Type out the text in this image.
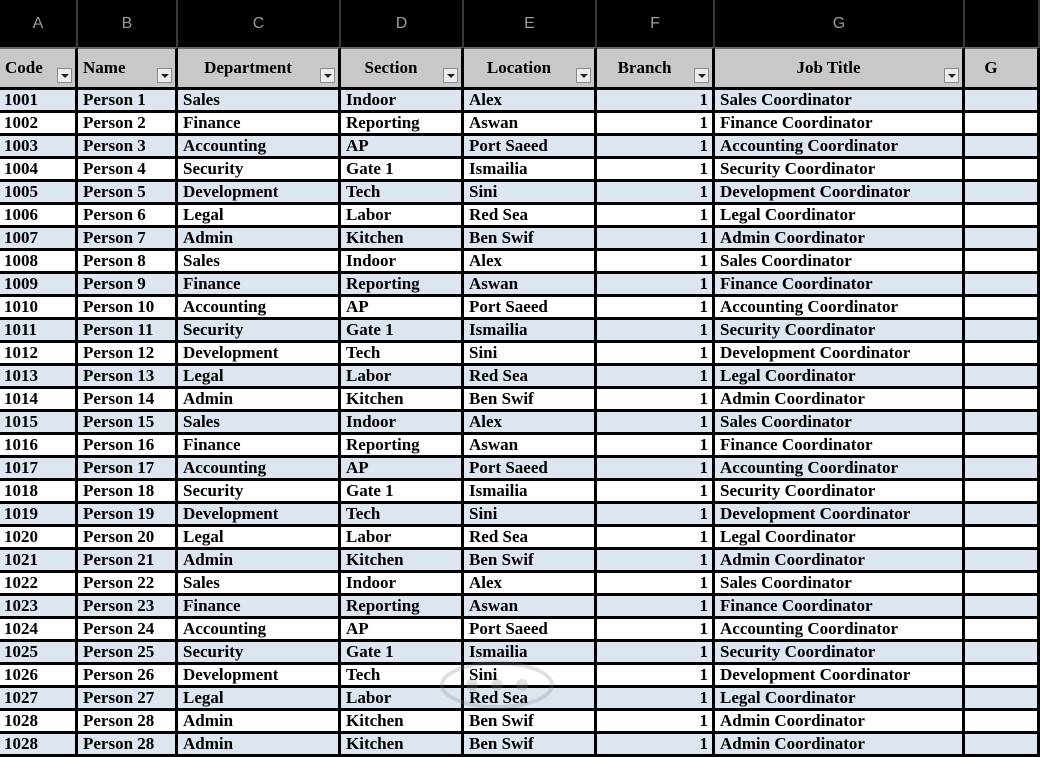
A	B	C	D	E	F	G	

Code	Name	Department	Section	Location	Branch	Job Title	G

1001	Person 1	Sales	Indoor	Alex	1	Sales Coordinator	
1002	Person 2	Finance	Reporting	Aswan	1	Finance Coordinator	
1003	Person 3	Accounting	AP	Port Saeed	1	Accounting Coordinator	
1004	Person 4	Security	Gate 1	Ismailia	1	Security Coordinator	
1005	Person 5	Development	Tech	Sini	1	Development Coordinator	
1006	Person 6	Legal	Labor	Red Sea	1	Legal Coordinator	
1007	Person 7	Admin	Kitchen	Ben Swif	1	Admin Coordinator	
1008	Person 8	Sales	Indoor	Alex	1	Sales Coordinator	
1009	Person 9	Finance	Reporting	Aswan	1	Finance Coordinator	
1010	Person 10	Accounting	AP	Port Saeed	1	Accounting Coordinator	
1011	Person 11	Security	Gate 1	Ismailia	1	Security Coordinator	
1012	Person 12	Development	Tech	Sini	1	Development Coordinator	
1013	Person 13	Legal	Labor	Red Sea	1	Legal Coordinator	
1014	Person 14	Admin	Kitchen	Ben Swif	1	Admin Coordinator	
1015	Person 15	Sales	Indoor	Alex	1	Sales Coordinator	
1016	Person 16	Finance	Reporting	Aswan	1	Finance Coordinator	
1017	Person 17	Accounting	AP	Port Saeed	1	Accounting Coordinator	
1018	Person 18	Security	Gate 1	Ismailia	1	Security Coordinator	
1019	Person 19	Development	Tech	Sini	1	Development Coordinator	
1020	Person 20	Legal	Labor	Red Sea	1	Legal Coordinator	
1021	Person 21	Admin	Kitchen	Ben Swif	1	Admin Coordinator	
1022	Person 22	Sales	Indoor	Alex	1	Sales Coordinator	
1023	Person 23	Finance	Reporting	Aswan	1	Finance Coordinator	
1024	Person 24	Accounting	AP	Port Saeed	1	Accounting Coordinator	
1025	Person 25	Security	Gate 1	Ismailia	1	Security Coordinator	
1026	Person 26	Development	Tech	Sini	1	Development Coordinator	
1027	Person 27	Legal	Labor	Red Sea	1	Legal Coordinator	
1028	Person 28	Admin	Kitchen	Ben Swif	1	Admin Coordinator	
1028	Person 28	Admin	Kitchen	Ben Swif	1	Admin Coordinator	
